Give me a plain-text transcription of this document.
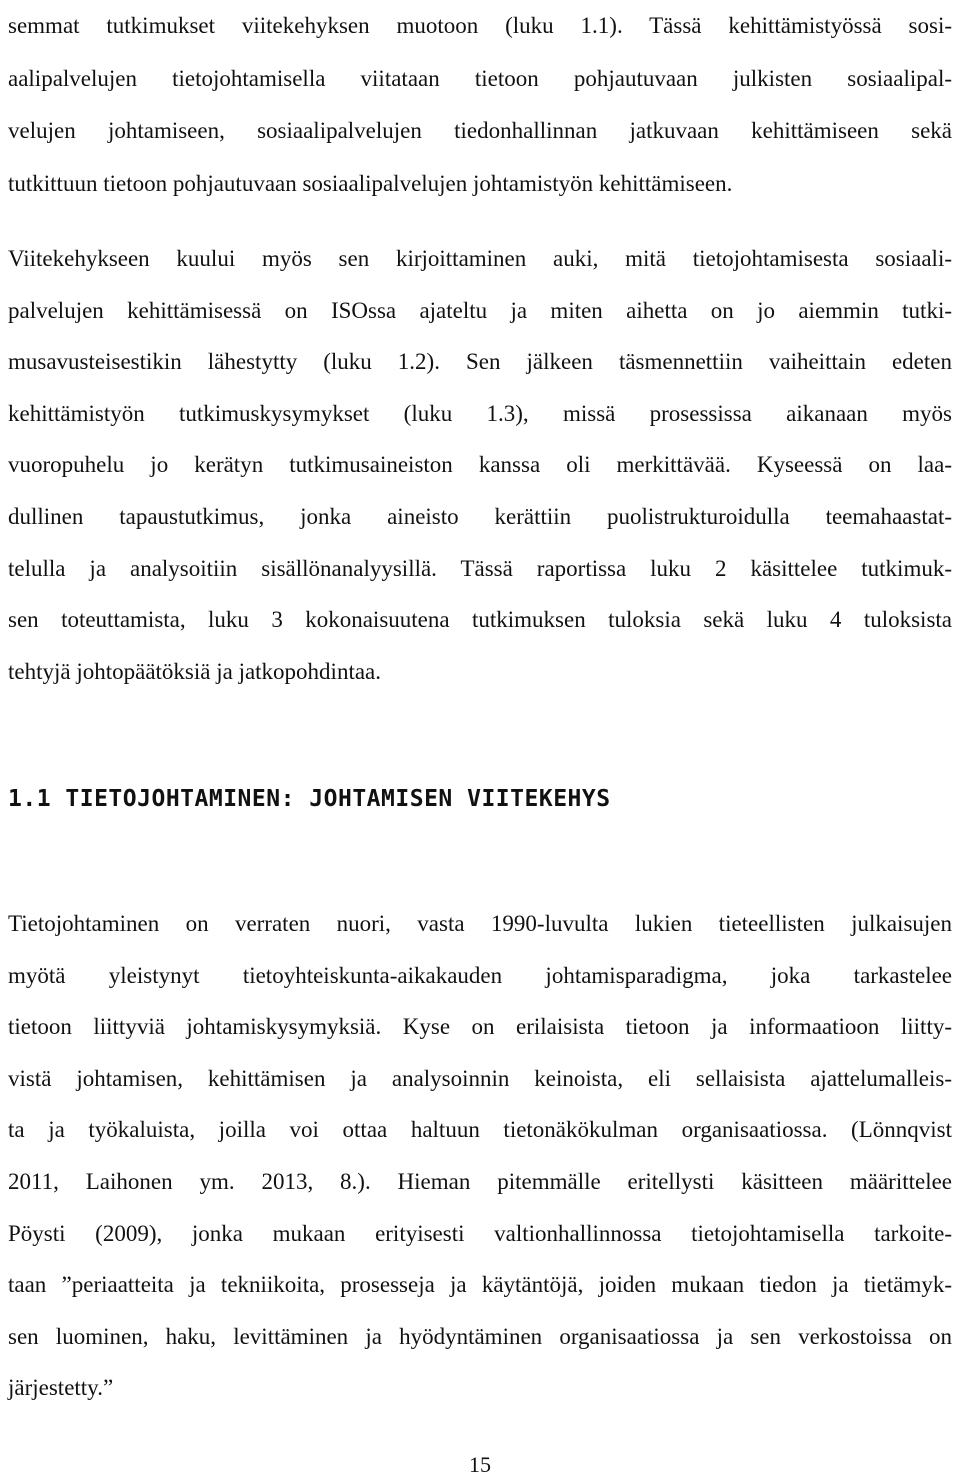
semmat tutkimukset viitekehyksen muotoon (luku 1.1). Tässä kehittämistyössä sosi-
aalipalvelujen tietojohtamisella viitataan tietoon pohjautuvaan julkisten sosiaalipal-
velujen johtamiseen, sosiaalipalvelujen tiedonhallinnan jatkuvaan kehittämiseen sekä
tutkittuun tietoon pohjautuvaan sosiaalipalvelujen johtamistyön kehittämiseen.

Viitekehykseen kuului myös sen kirjoittaminen auki, mitä tietojohtamisesta sosiaali-
palvelujen kehittämisessä on ISOssa ajateltu ja miten aihetta on jo aiemmin tutki-
musavusteisestikin lähestytty (luku 1.2). Sen jälkeen täsmennettiin vaiheittain edeten
kehittämistyön tutkimuskysymykset (luku 1.3), missä prosessissa aikanaan myös
vuoropuhelu jo kerätyn tutkimusaineiston kanssa oli merkittävää. Kyseessä on laa-
dullinen tapaustutkimus, jonka aineisto kerättiin puolistrukturoidulla teemahaastat-
telulla ja analysoitiin sisällönanalyysillä. Tässä raportissa luku 2 käsittelee tutkimuk-
sen toteuttamista, luku 3 kokonaisuutena tutkimuksen tuloksia sekä luku 4 tuloksista
tehtyjä johtopäätöksiä ja jatkopohdintaa.

1.1 TIETOJOHTAMINEN: JOHTAMISEN VIITEKEHYS

Tietojohtaminen on verraten nuori, vasta 1990-luvulta lukien tieteellisten julkaisujen
myötä yleistynyt tietoyhteiskunta-aikakauden johtamisparadigma, joka tarkastelee
tietoon liittyviä johtamiskysymyksiä. Kyse on erilaisista tietoon ja informaatioon liitty-
vistä johtamisen, kehittämisen ja analysoinnin keinoista, eli sellaisista ajattelumalleis-
ta ja työkaluista, joilla voi ottaa haltuun tietonäkökulman organisaatiossa. (Lönnqvist
2011, Laihonen ym. 2013, 8.). Hieman pitemmälle eritellysti käsitteen määrittelee
Pöysti (2009), jonka mukaan erityisesti valtionhallinnossa tietojohtamisella tarkoite-
taan ”periaatteita ja tekniikoita, prosesseja ja käytäntöjä, joiden mukaan tiedon ja tietämyk-
sen luominen, haku, levittäminen ja hyödyntäminen organisaatiossa ja sen verkostoissa on
järjestetty.”

15
